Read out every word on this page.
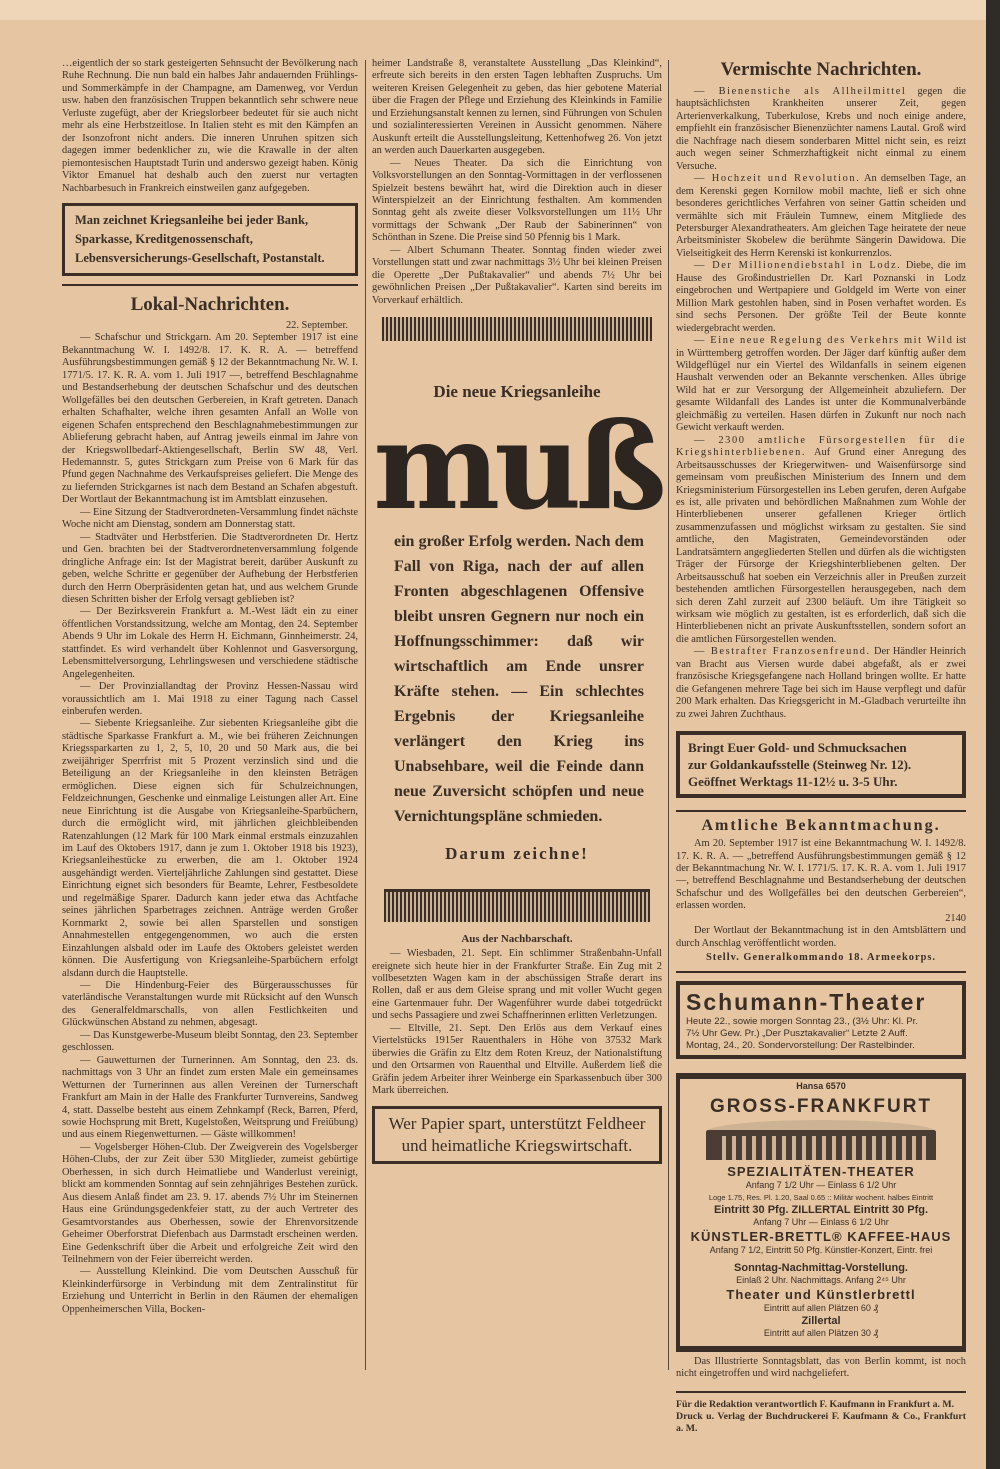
…eigentlich der so stark gesteigerten Sehnsucht der Bevölkerung nach Ruhe Rechnung. Die nun bald ein halbes Jahr andauernden Frühlings- und Sommerkämpfe in der Champagne, am Damenweg, vor Verdun usw. haben den französischen Truppen bekanntlich sehr schwere neue Verluste zugefügt, aber der Kriegslorbeer bedeutet für sie auch nicht mehr als eine Herbstzeitlose. In Italien steht es mit den Kämpfen an der Isonzofront nicht anders. Die inneren Unruhen spitzen sich dagegen immer bedenklicher zu, wie die Krawalle in der alten piemontesischen Hauptstadt Turin und anderswo gezeigt haben. König Viktor Emanuel hat deshalb auch den zuerst nur vertagten Nachbarbesuch in Frankreich einstweilen ganz aufgegeben.

Man zeichnet Kriegsanleihe bei jeder Bank, Sparkasse, Kreditgenossenschaft, Lebensversicherungs-Gesellschaft, Postanstalt.
Lokal-Nachrichten.
22. September.

— Schafschur und Strickgarn. Am 20. September 1917 ist eine Bekanntmachung W. I. 1492/8. 17. K. R. A. — betreffend Ausführungsbestimmungen gemäß § 12 der Bekanntmachung Nr. W. I. 1771/5. 17. K. R. A. vom 1. Juli 1917 —, betreffend Beschlagnahme und Bestandserhebung der deutschen Schafschur und des deutschen Wollgefälles bei den deutschen Gerbereien, in Kraft getreten. Danach erhalten Schafhalter, welche ihren gesamten Anfall an Wolle von eigenen Schafen entsprechend den Beschlagnahmebestimmungen zur Ablieferung gebracht haben, auf Antrag jeweils einmal im Jahre von der Kriegswollbedarf-Aktiengesellschaft, Berlin SW 48, Verl. Hedemannstr. 5, gutes Strickgarn zum Preise von 6 Mark für das Pfund gegen Nachnahme des Verkaufspreises geliefert. Die Menge des zu liefernden Strickgarnes ist nach dem Bestand an Schafen abgestuft. Der Wortlaut der Bekanntmachung ist im Amtsblatt einzusehen.

— Eine Sitzung der Stadtverordneten-Versammlung findet nächste Woche nicht am Dienstag, sondern am Donnerstag statt.

— Stadtväter und Herbstferien. Die Stadtverordneten Dr. Hertz und Gen. brachten bei der Stadtverordnetenversammlung folgende dringliche Anfrage ein: Ist der Magistrat bereit, darüber Auskunft zu geben, welche Schritte er gegenüber der Aufhebung der Herbstferien durch den Herrn Oberpräsidenten getan hat, und aus welchem Grunde diesen Schritten bisher der Erfolg versagt geblieben ist?

— Der Bezirksverein Frankfurt a. M.-West lädt ein zu einer öffentlichen Vorstandssitzung, welche am Montag, den 24. September Abends 9 Uhr im Lokale des Herrn H. Eichmann, Ginnheimerstr. 24, stattfindet. Es wird verhandelt über Kohlennot und Gasversorgung, Lebensmittelversorgung, Lehrlingswesen und verschiedene städtische Angelegenheiten.

— Der Provinziallandtag der Provinz Hessen-Nassau wird voraussichtlich am 1. Mai 1918 zu einer Tagung nach Cassel einberufen werden.

— Siebente Kriegsanleihe. Zur siebenten Kriegsanleihe gibt die städtische Sparkasse Frankfurt a. M., wie bei früheren Zeichnungen Kriegssparkarten zu 1, 2, 5, 10, 20 und 50 Mark aus, die bei zweijähriger Sperrfrist mit 5 Prozent verzinslich sind und die Beteiligung an der Kriegsanleihe in den kleinsten Beträgen ermöglichen. Diese eignen sich für Schulzeichnungen, Feldzeichnungen, Geschenke und einmalige Leistungen aller Art. Eine neue Einrichtung ist die Ausgabe von Kriegsanleihe-Sparbüchern, durch die ermöglicht wird, mit jährlichen gleichbleibenden Ratenzahlungen (12 Mark für 100 Mark einmal erstmals einzuzahlen im Lauf des Oktobers 1917, dann je zum 1. Oktober 1918 bis 1923), Kriegsanleihestücke zu erwerben, die am 1. Oktober 1924 ausgehändigt werden. Vierteljährliche Zahlungen sind gestattet. Diese Einrichtung eignet sich besonders für Beamte, Lehrer, Festbesoldete und regelmäßige Sparer. Dadurch kann jeder etwa das Achtfache seines jährlichen Sparbetrages zeichnen. Anträge werden Großer Kornmarkt 2, sowie bei allen Sparstellen und sonstigen Annahmestellen entgegengenommen, wo auch die ersten Einzahlungen alsbald oder im Laufe des Oktobers geleistet werden können. Die Ausfertigung von Kriegsanleihe-Sparbüchern erfolgt alsdann durch die Hauptstelle.

— Die Hindenburg-Feier des Bürgerausschusses für vaterländische Veranstaltungen wurde mit Rücksicht auf den Wunsch des Generalfeldmarschalls, von allen Festlichkeiten und Glückwünschen Abstand zu nehmen, abgesagt.

— Das Kunstgewerbe-Museum bleibt Sonntag, den 23. September geschlossen.

— Gauwetturnen der Turnerinnen. Am Sonntag, den 23. ds. nachmittags von 3 Uhr an findet zum ersten Male ein gemeinsames Wetturnen der Turnerinnen aus allen Vereinen der Turnerschaft Frankfurt am Main in der Halle des Frankfurter Turnvereins, Sandweg 4, statt. Dasselbe besteht aus einem Zehnkampf (Reck, Barren, Pferd, sowie Hochsprung mit Brett, Kugelstoßen, Weitsprung und Freiübung) und aus einem Riegenwetturnen. — Gäste willkommen!

— Vogelsberger Höhen-Club. Der Zweigverein des Vogelsberger Höhen-Clubs, der zur Zeit über 530 Mitglieder, zumeist gebürtige Oberhessen, in sich durch Heimatliebe und Wanderlust vereinigt, blickt am kommenden Sonntag auf sein zehnjähriges Bestehen zurück. Aus diesem Anlaß findet am 23. 9. 17. abends 7½ Uhr im Steinernen Haus eine Gründungsgedenkfeier statt, zu der auch Vertreter des Gesamtvorstandes aus Oberhessen, sowie der Ehrenvorsitzende Geheimer Oberforstrat Diefenbach aus Darmstadt erscheinen werden. Eine Gedenkschrift über die Arbeit und erfolgreiche Zeit wird den Teilnehmern von der Feier überreicht werden.

— Ausstellung Kleinkind. Die vom Deutschen Ausschuß für Kleinkinderfürsorge in Verbindung mit dem Zentralinstitut für Erziehung und Unterricht in Berlin in den Räumen der ehemaligen Oppenheimerschen Villa, Bocken-

heimer Landstraße 8, veranstaltete Ausstellung „Das Kleinkind“, erfreute sich bereits in den ersten Tagen lebhaften Zuspruchs. Um weiteren Kreisen Gelegenheit zu geben, das hier gebotene Material über die Fragen der Pflege und Erziehung des Kleinkinds in Familie und Erziehungsanstalt kennen zu lernen, sind Führungen von Schulen und sozialinteressierten Vereinen in Aussicht genommen. Nähere Auskunft erteilt die Ausstellungsleitung, Kettenhofweg 26. Von jetzt an werden auch Dauerkarten ausgegeben.

— Neues Theater. Da sich die Einrichtung von Volksvorstellungen an den Sonntag-Vormittagen in der verflossenen Spielzeit bestens bewährt hat, wird die Direktion auch in dieser Winterspielzeit an der Einrichtung festhalten. Am kommenden Sonntag geht als zweite dieser Volksvorstellungen um 11½ Uhr vormittags der Schwank „Der Raub der Sabinerinnen“ von Schönthan in Szene. Die Preise sind 50 Pfennig bis 1 Mark.

— Albert Schumann Theater. Sonntag finden wieder zwei Vorstellungen statt und zwar nachmittags 3½ Uhr bei kleinen Preisen die Operette „Der Pußtakavalier“ und abends 7½ Uhr bei gewöhnlichen Preisen „Der Pußtakavalier“. Karten sind bereits im Vorverkauf erhältlich.

Die neue Kriegsanleihe
muß
ein großer Erfolg werden. Nach dem Fall von Riga, nach der auf allen Fronten abgeschlagenen Offensive bleibt unsren Gegnern nur noch ein Hoffnungsschimmer: daß wir wirtschaftlich am Ende unsrer Kräfte stehen. — Ein schlechtes Ergebnis der Kriegsanleihe verlängert den Krieg ins Unabsehbare, weil die Feinde dann neue Zuversicht schöpfen und neue Vernichtungspläne schmieden.
Darum zeichne!
Aus der Nachbarschaft.

— Wiesbaden, 21. Sept. Ein schlimmer Straßenbahn-Unfall ereignete sich heute hier in der Frankfurter Straße. Ein Zug mit 2 vollbesetzten Wagen kam in der abschüssigen Straße derart ins Rollen, daß er aus dem Gleise sprang und mit voller Wucht gegen eine Gartenmauer fuhr. Der Wagenführer wurde dabei totgedrückt und sechs Passagiere und zwei Schaffnerinnen erlitten Verletzungen.

— Eltville, 21. Sept. Den Erlös aus dem Verkauf eines Viertelstücks 1915er Rauenthalers in Höhe von 37532 Mark überwies die Gräfin zu Eltz dem Roten Kreuz, der Nationalstiftung und den Ortsarmen von Rauenthal und Eltville. Außerdem ließ die Gräfin jedem Arbeiter ihrer Weinberge ein Sparkassenbuch über 300 Mark überreichen.

Wer Papier spart, unterstützt Feldheer und heimatliche Kriegswirtschaft.
Vermischte Nachrichten.

— Bienenstiche als Allheilmittel gegen die hauptsächlichsten Krankheiten unserer Zeit, gegen Arterienverkalkung, Tuberkulose, Krebs und noch einige andere, empfiehlt ein französischer Bienenzüchter namens Lautal. Groß wird die Nachfrage nach diesem sonderbaren Mittel nicht sein, es reizt auch wegen seiner Schmerzhaftigkeit nicht einmal zu einem Versuche.

— Hochzeit und Revolution. An demselben Tage, an dem Kerenski gegen Kornilow mobil machte, ließ er sich ohne besonderes gerichtliches Verfahren von seiner Gattin scheiden und vermählte sich mit Fräulein Tumnew, einem Mitgliede des Petersburger Alexandratheaters. Am gleichen Tage heiratete der neue Arbeitsminister Skobelew die berühmte Sängerin Dawidowa. Die Vielseitigkeit des Herrn Kerenski ist konkurrenzlos.

— Der Millionendiebstahl in Lodz. Diebe, die im Hause des Großindustriellen Dr. Karl Poznanski in Lodz eingebrochen und Wertpapiere und Goldgeld im Werte von einer Million Mark gestohlen haben, sind in Posen verhaftet worden. Es sind sechs Personen. Der größte Teil der Beute konnte wiedergebracht werden.

— Eine neue Regelung des Verkehrs mit Wild ist in Württemberg getroffen worden. Der Jäger darf künftig außer dem Wildgeflügel nur ein Viertel des Wildanfalls in seinem eigenen Haushalt verwenden oder an Bekannte verschenken. Alles übrige Wild hat er zur Versorgung der Allgemeinheit abzuliefern. Der gesamte Wildanfall des Landes ist unter die Kommunalverbände gleichmäßig zu verteilen. Hasen dürfen in Zukunft nur noch nach Gewicht verkauft werden.

— 2300 amtliche Fürsorgestellen für die Kriegshinterbliebenen. Auf Grund einer Anregung des Arbeitsausschusses der Kriegerwitwen- und Waisenfürsorge sind gemeinsam vom preußischen Ministerium des Innern und dem Kriegsministerium Fürsorgestellen ins Leben gerufen, deren Aufgabe es ist, alle privaten und behördlichen Maßnahmen zum Wohle der Hinterbliebenen unserer gefallenen Krieger örtlich zusammenzufassen und möglichst wirksam zu gestalten. Sie sind amtliche, den Magistraten, Gemeindevorständen oder Landratsämtern angegliederten Stellen und dürfen als die wichtigsten Träger der Fürsorge der Kriegshinterbliebenen gelten. Der Arbeitsausschuß hat soeben ein Verzeichnis aller in Preußen zurzeit bestehenden amtlichen Fürsorgestellen herausgegeben, nach dem sich deren Zahl zurzeit auf 2300 beläuft. Um ihre Tätigkeit so wirksam wie möglich zu gestalten, ist es erforderlich, daß sich die Hinterbliebenen nicht an private Auskunftsstellen, sondern sofort an die amtlichen Fürsorgestellen wenden.

— Bestrafter Franzosenfreund. Der Händler Heinrich van Bracht aus Viersen wurde dabei abgefaßt, als er zwei französische Kriegsgefangene nach Holland bringen wollte. Er hatte die Gefangenen mehrere Tage bei sich im Hause verpflegt und dafür 200 Mark erhalten. Das Kriegsgericht in M.-Gladbach verurteilte ihn zu zwei Jahren Zuchthaus.

Bringt Euer Gold- und Schmucksachen
zur Goldankaufsstelle (Steinweg Nr. 12).
Geöffnet Werktags 11-12½ u. 3-5 Uhr.
Amtliche Bekanntmachung.

Am 20. September 1917 ist eine Bekanntmachung W. I. 1492/8. 17. K. R. A. — „betreffend Ausführungsbestimmungen gemäß § 12 der Bekanntmachung Nr. W. I. 1771/5. 17. K. R. A. vom 1. Juli 1917 —, betreffend Beschlagnahme und Bestandserhebung der deutschen Schafschur und des Wollgefälles bei den deutschen Gerbereien“, erlassen worden.

2140

Der Wortlaut der Bekanntmachung ist in den Amtsblättern und durch Anschlag veröffentlicht worden.

Stellv. Generalkommando 18. Armeekorps.
Schumann-Theater
Heute 22., sowie morgen Sonntag 23., (3½ Uhr: Kl. Pr.
7½ Uhr Gew. Pr.) „Der Pusztakavalier“ Letzte 2 Auff.
Montag, 24., 20. Sondervorstellung: Der Rastelbinder.
Hansa 6570
GROSS-FRANKFURT
SPEZIALITÄTEN-THEATER
Anfang 7 1/2 Uhr — Einlass 6 1/2 Uhr
Loge 1.75, Res. Pl. 1.20, Saal 0.65 :: Militär wochent. halbes Eintritt
Eintritt 30 Pfg. ZILLERTAL Eintritt 30 Pfg.
Anfang 7 Uhr — Einlass 6 1/2 Uhr
KÜNSTLER-BRETTL® KAFFEE-HAUS
Anfang 7 1/2, Eintritt 50 Pfg. Künstler-Konzert, Eintr. frei
Sonntag-Nachmittag-Vorstellung.
Einlaß 2 Uhr. Nachmittags. Anfang 2⁴⁵ Uhr
Theater und Künstlerbrettl
Eintritt auf allen Plätzen 60 ₰
Zillertal
Eintritt auf allen Plätzen 30 ₰

Das Illustrierte Sonntagsblatt, das von Berlin kommt, ist noch nicht eingetroffen und wird nachgeliefert.

Für die Redaktion verantwortlich F. Kaufmann in Frankfurt a. M.
Druck u. Verlag der Buchdruckerei F. Kaufmann & Co., Frankfurt a. M.
